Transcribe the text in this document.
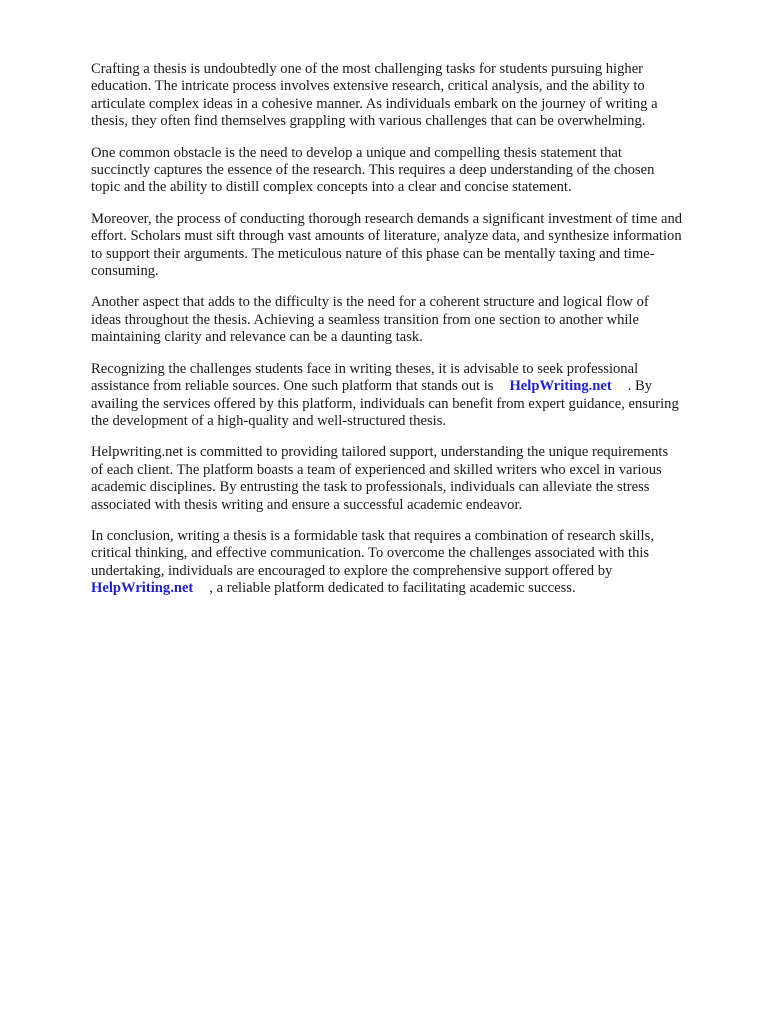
Crafting a thesis is undoubtedly one of the most challenging tasks for students pursuing higher
education. The intricate process involves extensive research, critical analysis, and the ability to
articulate complex ideas in a cohesive manner. As individuals embark on the journey of writing a
thesis, they often find themselves grappling with various challenges that can be overwhelming.

One common obstacle is the need to develop a unique and compelling thesis statement that
succinctly captures the essence of the research. This requires a deep understanding of the chosen
topic and the ability to distill complex concepts into a clear and concise statement.

Moreover, the process of conducting thorough research demands a significant investment of time and
effort. Scholars must sift through vast amounts of literature, analyze data, and synthesize information
to support their arguments. The meticulous nature of this phase can be mentally taxing and time-
consuming.

Another aspect that adds to the difficulty is the need for a coherent structure and logical flow of
ideas throughout the thesis. Achieving a seamless transition from one section to another while
maintaining clarity and relevance can be a daunting task.

Recognizing the challenges students face in writing theses, it is advisable to seek professional
assistance from reliable sources. One such platform that stands out is HelpWriting.net . By
availing the services offered by this platform, individuals can benefit from expert guidance, ensuring
the development of a high-quality and well-structured thesis.

Helpwriting.net is committed to providing tailored support, understanding the unique requirements
of each client. The platform boasts a team of experienced and skilled writers who excel in various
academic disciplines. By entrusting the task to professionals, individuals can alleviate the stress
associated with thesis writing and ensure a successful academic endeavor.

In conclusion, writing a thesis is a formidable task that requires a combination of research skills,
critical thinking, and effective communication. To overcome the challenges associated with this
undertaking, individuals are encouraged to explore the comprehensive support offered by
HelpWriting.net , a reliable platform dedicated to facilitating academic success.
